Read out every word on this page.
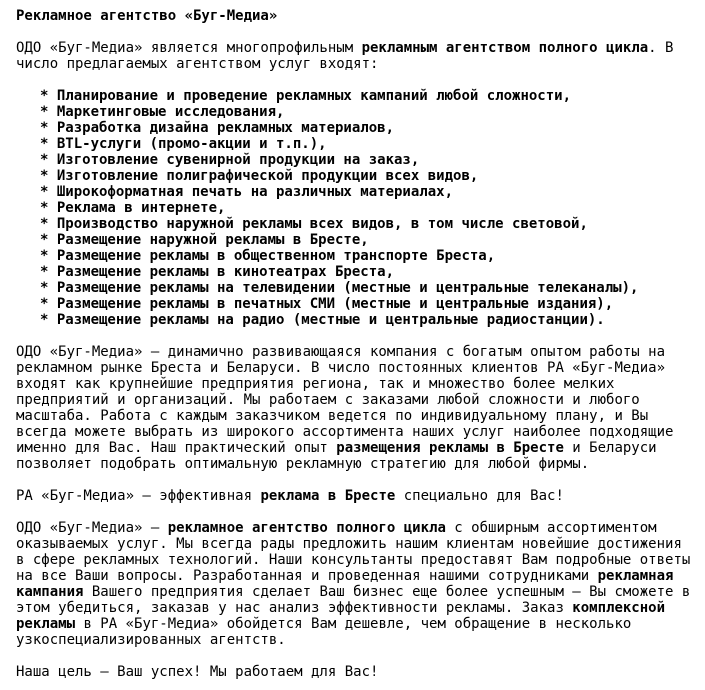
Рекламное агентство «Буг-Медиа»

ОДО «Буг-Медиа» является многопрофильным рекламным агентством полного цикла. В число предлагаемых агентством услуг входят:

* Планирование и проведение рекламных кампаний любой сложности,
* Маркетинговые исследования,
* Разработка дизайна рекламных материалов,
* BTL-услуги (промо-акции и т.п.),
* Изготовление сувенирной продукции на заказ,
* Изготовление полиграфической продукции всех видов,
* Широкоформатная печать на различных материалах,
* Реклама в интернете,
* Производство наружной рекламы всех видов, в том числе световой,
* Размещение наружной рекламы в Бресте,
* Размещение рекламы в общественном транспорте Бреста,
* Размещение рекламы в кинотеатрах Бреста,
* Размещение рекламы на телевидении (местные и центральные телеканалы),
* Размещение рекламы в печатных СМИ (местные и центральные издания),
* Размещение рекламы на радио (местные и центральные радиостанции).

ОДО «Буг-Медиа» – динамично развивающаяся компания с богатым опытом работы на рекламном рынке Бреста и Беларуси. В число постоянных клиентов РА «Буг-Медиа» входят как крупнейшие предприятия региона, так и множество более мелких предприятий и организаций. Мы работаем с заказами любой сложности и любого масштаба. Работа с каждым заказчиком ведется по индивидуальному плану, и Вы всегда можете выбрать из широкого ассортимента наших услуг наиболее подходящие именно для Вас. Наш практический опыт размещения рекламы в Бресте и Беларуси позволяет подобрать оптимальную рекламную стратегию для любой фирмы.

РА «Буг-Медиа» – эффективная реклама в Бресте специально для Вас!

ОДО «Буг-Медиа» – рекламное агентство полного цикла с обширным ассортиментом оказываемых услуг. Мы всегда рады предложить нашим клиентам новейшие достижения в сфере рекламных технологий. Наши консультанты предоставят Вам подробные ответы на все Ваши вопросы. Разработанная и проведенная нашими сотрудниками рекламная кампания Вашего предприятия сделает Ваш бизнес еще более успешным – Вы сможете в этом убедиться, заказав у нас анализ эффективности рекламы. Заказ комплексной рекламы в РА «Буг-Медиа» обойдется Вам дешевле, чем обращение в несколько узкоспециализированных агентств.

Наша цель – Ваш успех! Мы работаем для Вас!
